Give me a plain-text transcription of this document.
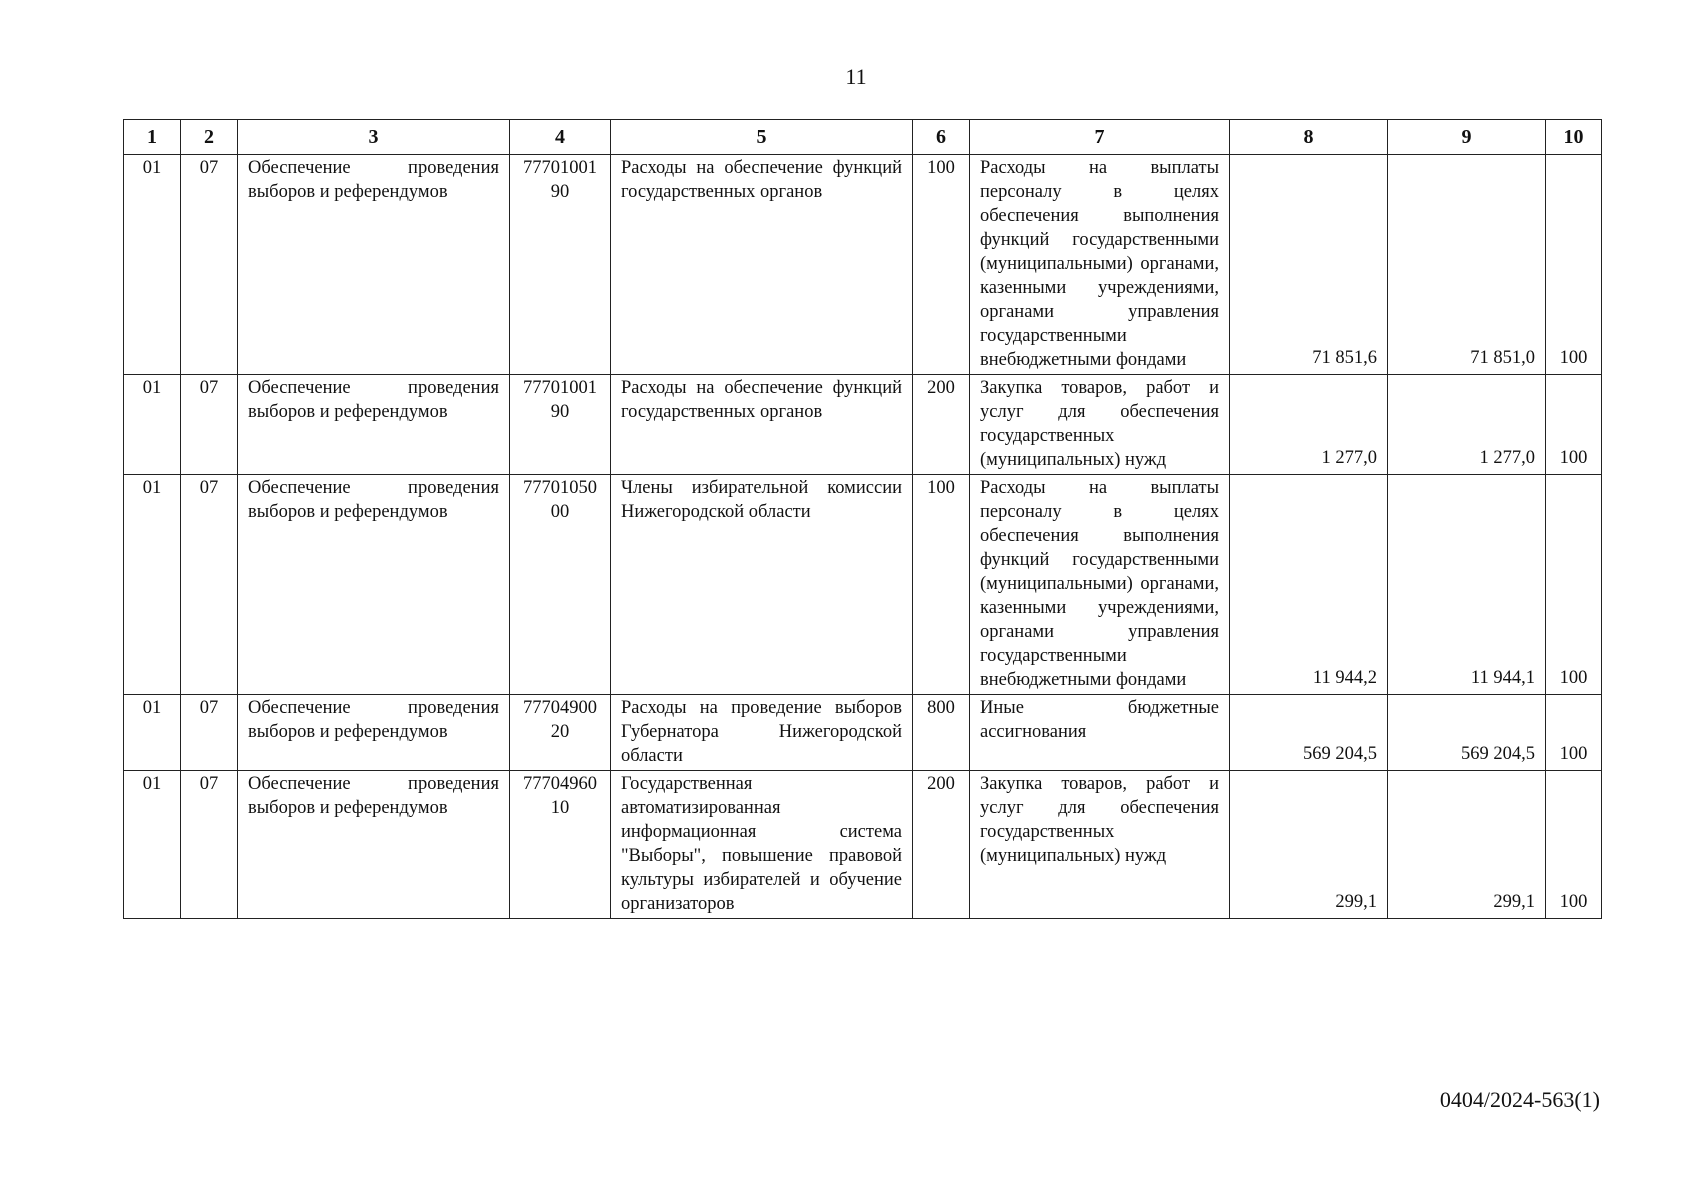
11
1	2	3	4	5	6	7	8	9	10
01	07	Обеспечение проведения выборов и референдумов	7770100190	Расходы на обеспечение функций государственных органов	100	Расходы на выплаты персоналу в целях обеспечения выполнения функций государственными (муниципальными) органами, казенными учреждениями, органами управления государственными внебюджетными фондами	71 851,6	71 851,0	100
01	07	Обеспечение проведения выборов и референдумов	7770100190	Расходы на обеспечение функций государственных органов	200	Закупка товаров, работ и услуг для обеспечения государственных (муниципальных) нужд	1 277,0	1 277,0	100
01	07	Обеспечение проведения выборов и референдумов	7770105000	Члены избирательной комиссии Нижегородской области	100	Расходы на выплаты персоналу в целях обеспечения выполнения функций государственными (муниципальными) органами, казенными учреждениями, органами управления государственными внебюджетными фондами	11 944,2	11 944,1	100
01	07	Обеспечение проведения выборов и референдумов	7770490020	Расходы на проведение выборов Губернатора Нижегородской области	800	Иные бюджетные ассигнования	569 204,5	569 204,5	100
01	07	Обеспечение проведения выборов и референдумов	7770496010	Государственная автоматизированная информационная система "Выборы", повышение правовой культуры избирателей и обучение организаторов	200	Закупка товаров, работ и услуг для обеспечения государственных (муниципальных) нужд	299,1	299,1	100
0404/2024-563(1)
